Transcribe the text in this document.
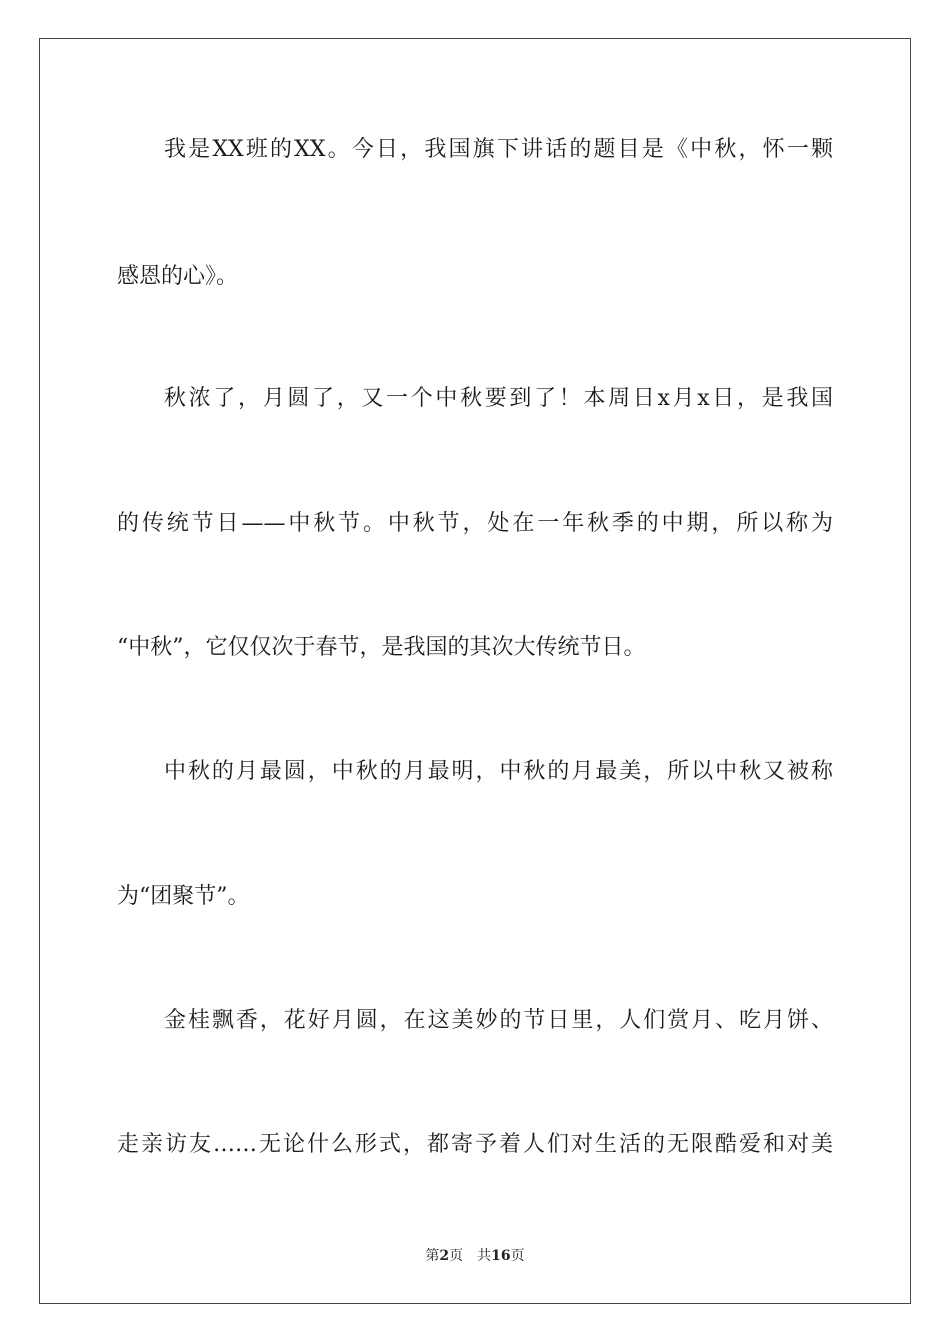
我是XX班的XX。今日，我国旗下讲话的题目是《中秋，怀一颗
感恩的心》。
秋浓了，月圆了，又一个中秋要到了！本周日x月x日，是我国
的传统节日——中秋节。中秋节，处在一年秋季的中期，所以称为
“中秋”，它仅仅次于春节，是我国的其次大传统节日。
中秋的月最圆，中秋的月最明，中秋的月最美，所以中秋又被称
为“团聚节”。
金桂飘香，花好月圆，在这美妙的节日里，人们赏月、吃月饼、
走亲访友……无论什么形式，都寄予着人们对生活的无限酷爱和对美
第2页 共16页
